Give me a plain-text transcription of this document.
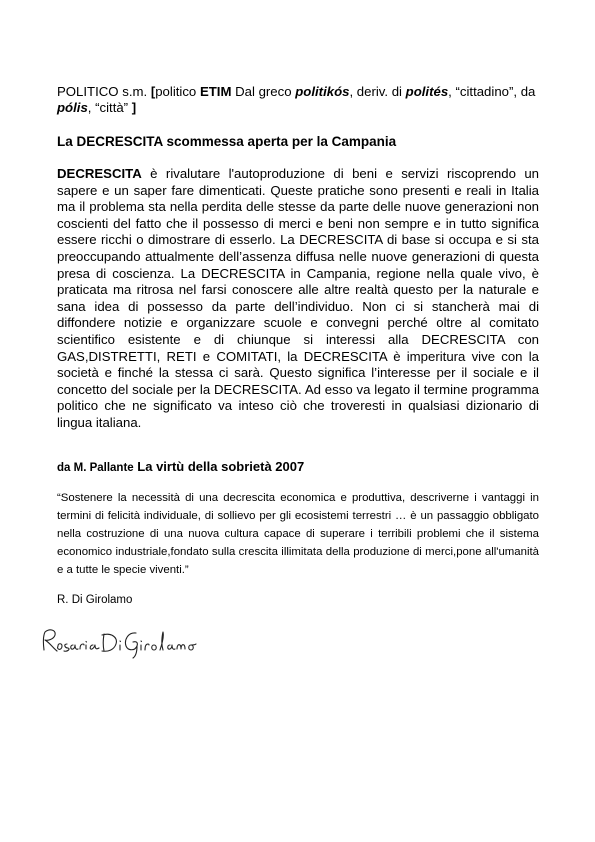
POLITICO s.m. [politico ETIM Dal greco politikós, deriv. di polités, “cittadino”, da pólis, “città” ]

La DECRESCITA scommessa aperta per la Campania

DECRESCITA è rivalutare l'autoproduzione di beni e servizi riscoprendo un sapere e un saper fare dimenticati. Queste pratiche sono presenti e reali in Italia ma il problema sta nella perdita delle stesse da parte delle nuove generazioni non coscienti del fatto che il possesso di merci e beni non sempre e in tutto significa essere ricchi o dimostrare di esserlo. La DECRESCITA di base si occupa e si sta preoccupando attualmente dell’assenza diffusa nelle nuove generazioni di questa presa di coscienza. La DECRESCITA in Campania, regione nella quale vivo, è praticata ma ritrosa nel farsi conoscere alle altre realtà questo per la naturale e sana idea di possesso da parte dell’individuo. Non ci si stancherà mai di diffondere notizie e organizzare scuole e convegni perché oltre al comitato scientifico esistente e di chiunque si interessi alla DECRESCITA con GAS,DISTRETTI, RETI e COMITATI, la DECRESCITA è imperitura vive con la società e finché la stessa ci sarà. Questo significa l’interesse per il sociale e il concetto del sociale per la DECRESCITA. Ad esso va legato il termine programma politico che ne significato va inteso ciò che troveresti in qualsiasi dizionario di lingua italiana.

da M. Pallante La virtù della sobrietà 2007

“Sostenere la necessità di una decrescita economica e produttiva, descriverne i vantaggi in termini di felicità individuale, di sollievo per gli ecosistemi terrestri … è un passaggio obbligato nella costruzione di una nuova cultura capace di superare i terribili problemi che il sistema economico industriale,fondato sulla crescita illimitata della produzione di merci,pone all'umanità e a tutte le specie viventi.”

R. Di Girolamo
